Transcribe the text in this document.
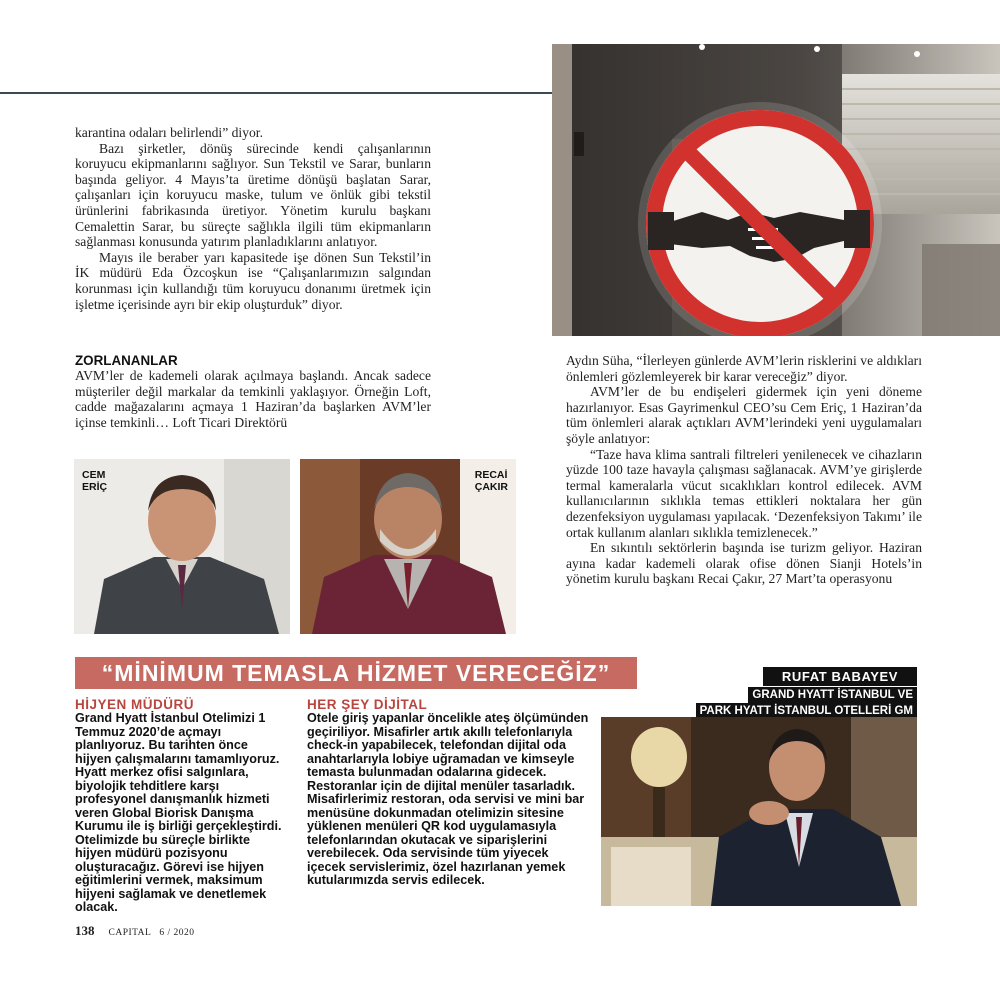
karantina odaları belirlendi” diyor.

Bazı şirketler, dönüş sürecinde kendi çalışanlarının koruyucu ekipmanlarını sağlıyor. Sun Tekstil ve Sarar, bunların başında geliyor. 4 Mayıs’ta üretime dönüşü başlatan Sarar, çalışanları için koruyucu maske, tulum ve önlük gibi tekstil ürünlerini fabrikasında üretiyor. Yönetim kurulu başkanı Cemalettin Sarar, bu süreçte sağlıkla ilgili tüm ekipmanların sağlanması konusunda yatırım planladıklarını anlatıyor.

Mayıs ile beraber yarı kapasitede işe dönen Sun Tekstil’in İK müdürü Eda Özcoşkun ise “Çalışanlarımızın salgından korunması için kullandığı tüm koruyucu donanımı üretmek için işletme içerisinde ayrı bir ekip oluşturduk” diyor.

ZORLANANLAR

AVM’ler de kademeli olarak açılmaya başlandı. Ancak sadece müşteriler değil markalar da temkinli yaklaşıyor. Örneğin Loft, cadde mağazalarını açmaya 1 Haziran’da başlarken AVM’ler içinse temkinli… Loft Ticari Direktörü

Aydın Süha, “İlerleyen günlerde AVM’lerin risklerini ve aldıkları önlemleri gözlemleyerek bir karar vereceğiz” diyor.

AVM’ler de bu endişeleri gidermek için yeni döneme hazırlanıyor. Esas Gayrimenkul CEO’su Cem Eriç, 1 Haziran’da tüm önlemleri alarak açtıkları AVM’lerindeki yeni uygulamaları şöyle anlatıyor:

“Taze hava klima santrali filtreleri yenilenecek ve cihazların yüzde 100 taze havayla çalışması sağlanacak. AVM’ye girişlerde termal kameralarla vücut sıcaklıkları kontrol edilecek. AVM kullanıcılarının sıklıkla temas ettikleri noktalara her gün dezenfeksiyon uygulaması yapılacak. ‘Dezenfeksiyon Takımı’ ile ortak kullanım alanları sıklıkla temizlenecek.”

En sıkıntılı sektörlerin başında ise turizm geliyor. Haziran ayına kadar kademeli olarak ofise dönen Sianji Hotels’in yönetim kurulu başkanı Recai Çakır, 27 Mart’ta operasyonu

CEM
ERİÇ
RECAİ
ÇAKIR
“MİNİMUM TEMASLA HİZMET VERECEĞİZ”	RUFAT BABAYEV
GRAND HYATT İSTANBUL VE
PARK HYATT İSTANBUL OTELLERİ GM
HİJYEN MÜDÜRÜ

Grand Hyatt İstanbul Otelimizi 1 Temmuz 2020’de açmayı planlıyoruz. Bu tarihten önce hijyen çalışmalarını tamamlıyoruz. Hyatt merkez ofisi salgınlara, biyolojik tehditlere karşı profesyonel danışmanlık hizmeti veren Global Biorisk Danışma Kurumu ile iş birliği gerçekleştirdi. Otelimizde bu süreçle birlikte hijyen müdürü pozisyonu oluşturacağız. Görevi ise hijyen eğitimlerini vermek, maksimum hijyeni sağlamak ve denetlemek olacak.

HER ŞEY DİJİTAL

Otele giriş yapanlar öncelikle ateş ölçümünden geçiriliyor. Misafirler artık akıllı telefonlarıyla check-in yapabilecek, telefondan dijital oda anahtarlarıyla lobiye uğramadan ve kimseyle temasta bulunmadan odalarına gidecek. Restoranlar için de dijital menüler tasarladık. Misafirlerimiz restoran, oda servisi ve mini bar menüsüne dokunmadan otelimizin sitesine yüklenen menüleri QR kod uygulamasıyla telefonlarından okutacak ve siparişlerini verebilecek. Oda servisinde tüm yiyecek içecek servislerimiz, özel hazırlanan yemek kutularımızda servis edilecek.

138 CAPITAL 6 / 2020
